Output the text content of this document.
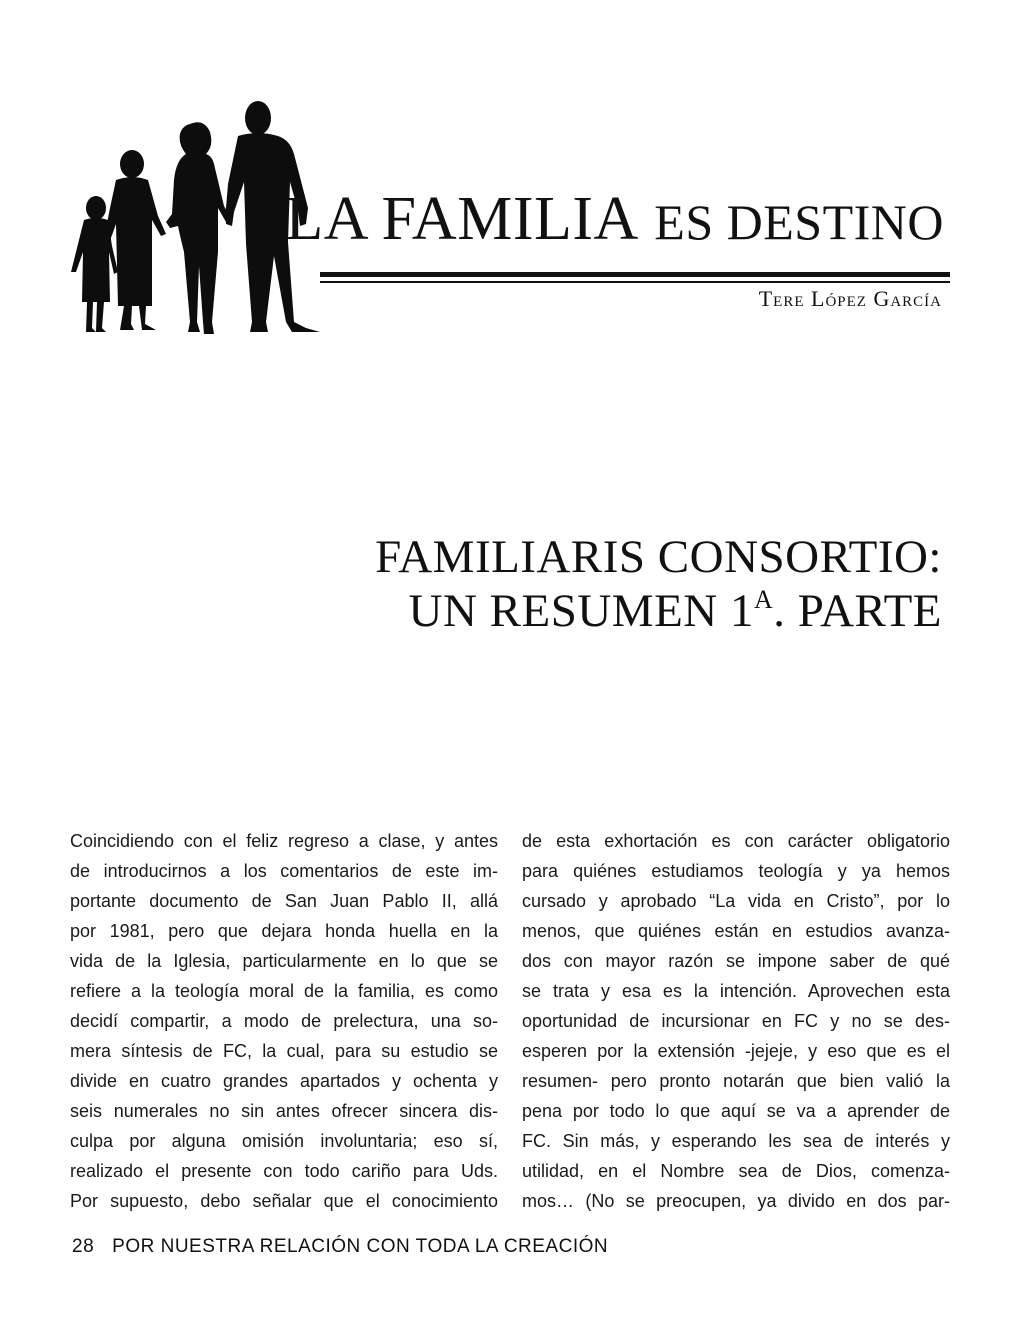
LA FAMILIA ES DESTINO

Tere López García

FAMILIARIS CONSORTIO:
UN RESUMEN $1^A$. PARTE
Coincidiendo con el feliz regreso a clase, y antes
de introducirnos a los comentarios de este im-
portante documento de San Juan Pablo II, allá
por 1981, pero que dejara honda huella en la
vida de la Iglesia, particularmente en lo que se
refiere a la teología moral de la familia, es como
decidí compartir, a modo de prelectura, una so-
mera síntesis de FC, la cual, para su estudio se
divide en cuatro grandes apartados y ochenta y
seis numerales no sin antes ofrecer sincera dis-
culpa por alguna omisión involuntaria; eso sí,
realizado el presente con todo cariño para Uds.
Por supuesto, debo señalar que el conocimiento
de esta exhortación es con carácter obligatorio
para quiénes estudiamos teología y ya hemos
cursado y aprobado “La vida en Cristo”, por lo
menos, que quiénes están en estudios avanza-
dos con mayor razón se impone saber de qué
se trata y esa es la intención. Aprovechen esta
oportunidad de incursionar en FC y no se des-
esperen por la extensión -jejeje, y eso que es el
resumen- pero pronto notarán que bien valió la
pena por todo lo que aquí se va a aprender de
FC. Sin más, y esperando les sea de interés y
utilidad, en el Nombre sea de Dios, comenza-
mos… (No se preocupen, ya divido en dos par-
28 POR NUESTRA RELACIÓN CON TODA LA CREACIÓN
